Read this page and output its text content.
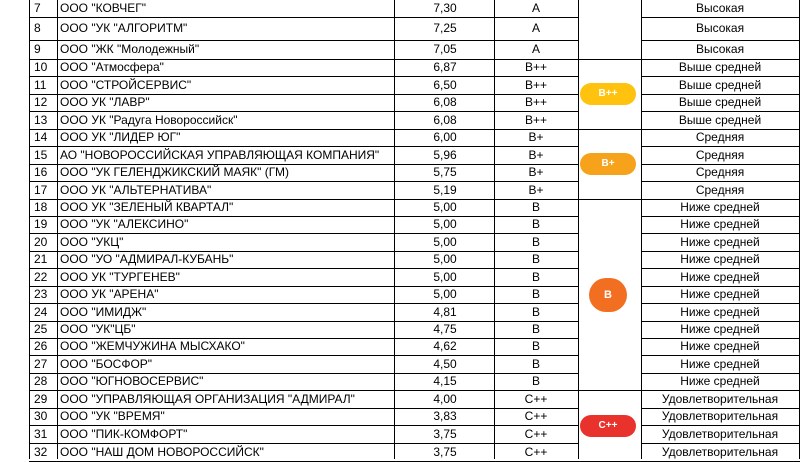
7	ООО "КОВЧЕГ"	7,30	A	Высокая
8	ООО "УК "АЛГОРИТМ"	7,25	A	Высокая
9	ООО "ЖК "Молодежный"	7,05	A	Высокая
10	ООО "Атмосфера"	6,87	B++	Выше средней
11	ООО "СТРОЙСЕРВИС"	6,50	B++	Выше средней
12	ООО УК "ЛАВР"	6,08	B++	Выше средней
13	ООО УК "Радуга Новороссийск"	6,08	B++	Выше средней
14	ООО УК "ЛИДЕР ЮГ"	6,00	B+	Средняя
15	АО "НОВОРОССИЙСКАЯ УПРАВЛЯЮЩАЯ КОМПАНИЯ"	5,96	B+	Средняя
16	ООО "УК ГЕЛЕНДЖИКСКИЙ МАЯК" (ГМ)	5,75	B+	Средняя
17	ООО УК "АЛЬТЕРНАТИВА"	5,19	B+	Средняя
18	ООО УК "ЗЕЛЕНЫЙ КВАРТАЛ"	5,00	B	Ниже средней
19	ООО "УК "АЛЕКСИНО"	5,00	B	Ниже средней
20	ООО "УКЦ"	5,00	B	Ниже средней
21	ООО "УО "АДМИРАЛ-КУБАНЬ"	5,00	B	Ниже средней
22	ООО УК "ТУРГЕНЕВ"	5,00	B	Ниже средней
23	ООО УК "АРЕНА"	5,00	B	Ниже средней
24	ООО "ИМИДЖ"	4,81	B	Ниже средней
25	ООО "УК"ЦБ"	4,75	B	Ниже средней
26	ООО "ЖЕМЧУЖИНА МЫСХАКО"	4,62	B	Ниже средней
27	ООО "БОСФОР"	4,50	B	Ниже средней
28	ООО "ЮГНОВОСЕРВИС"	4,15	B	Ниже средней
29	ООО "УПРАВЛЯЮЩАЯ ОРГАНИЗАЦИЯ "АДМИРАЛ"	4,00	C++	Удовлетворительная
30	ООО "УК "ВРЕМЯ"	3,83	C++	Удовлетворительная
31	ООО "ПИК-КОМФОРТ"	3,75	C++	Удовлетворительная
32	ООО "НАШ ДОМ НОВОРОССИЙСК"	3,75	C++	Удовлетворительная
B++
B+
B
C++
